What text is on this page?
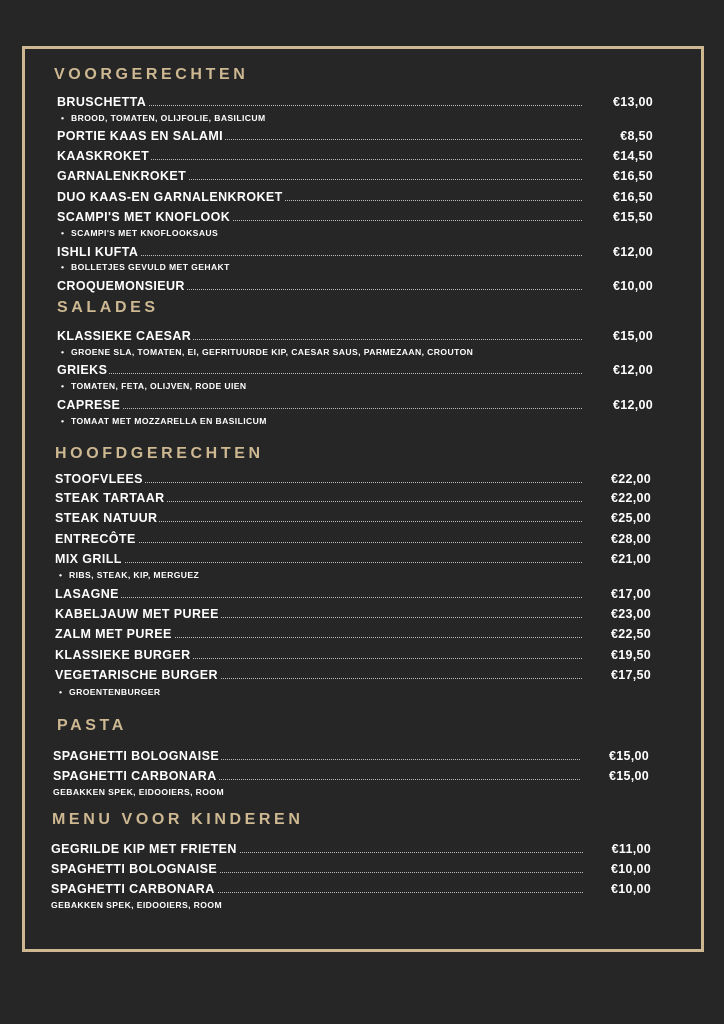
VOORGERECHTEN
BRUSCHETTA	€13,00
• BROOD, TOMATEN, OLIJFOLIE, BASILICUM
PORTIE KAAS EN SALAMI	€8,50
KAASKROKET	€14,50
GARNALENKROKET	€16,50
DUO KAAS-EN GARNALENKROKET	€16,50
SCAMPI'S MET KNOFLOOK	€15,50
• SCAMPI'S MET KNOFLOOKSAUS
ISHLI KUFTA	€12,00
• BOLLETJES GEVULD MET GEHAKT
CROQUEMONSIEUR	€10,00
SALADES
KLASSIEKE CAESAR	€15,00
• GROENE SLA, TOMATEN, EI, GEFRITUURDE KIP, CAESAR SAUS, PARMEZAAN, CROUTON
GRIEKS	€12,00
• TOMATEN, FETA, OLIJVEN, RODE UIEN
CAPRESE	€12,00
• TOMAAT MET MOZZARELLA EN BASILICUM
HOOFDGERECHTEN
STOOFVLEES	€22,00
STEAK TARTAAR	€22,00
STEAK NATUUR	€25,00
ENTRECÔTE	€28,00
MIX GRILL	€21,00
• RIBS, STEAK, KIP, MERGUEZ
LASAGNE	€17,00
KABELJAUW MET PUREE	€23,00
ZALM MET PUREE	€22,50
KLASSIEKE BURGER	€19,50
VEGETARISCHE BURGER	€17,50
• GROENTENBURGER
PASTA
SPAGHETTI BOLOGNAISE	€15,00
SPAGHETTI CARBONARA	€15,00
GEBAKKEN SPEK, EIDOOIERS, ROOM
MENU VOOR KINDEREN
GEGRILDE KIP MET FRIETEN	€11,00
SPAGHETTI BOLOGNAISE	€10,00
SPAGHETTI CARBONARA	€10,00
GEBAKKEN SPEK, EIDOOIERS, ROOM
